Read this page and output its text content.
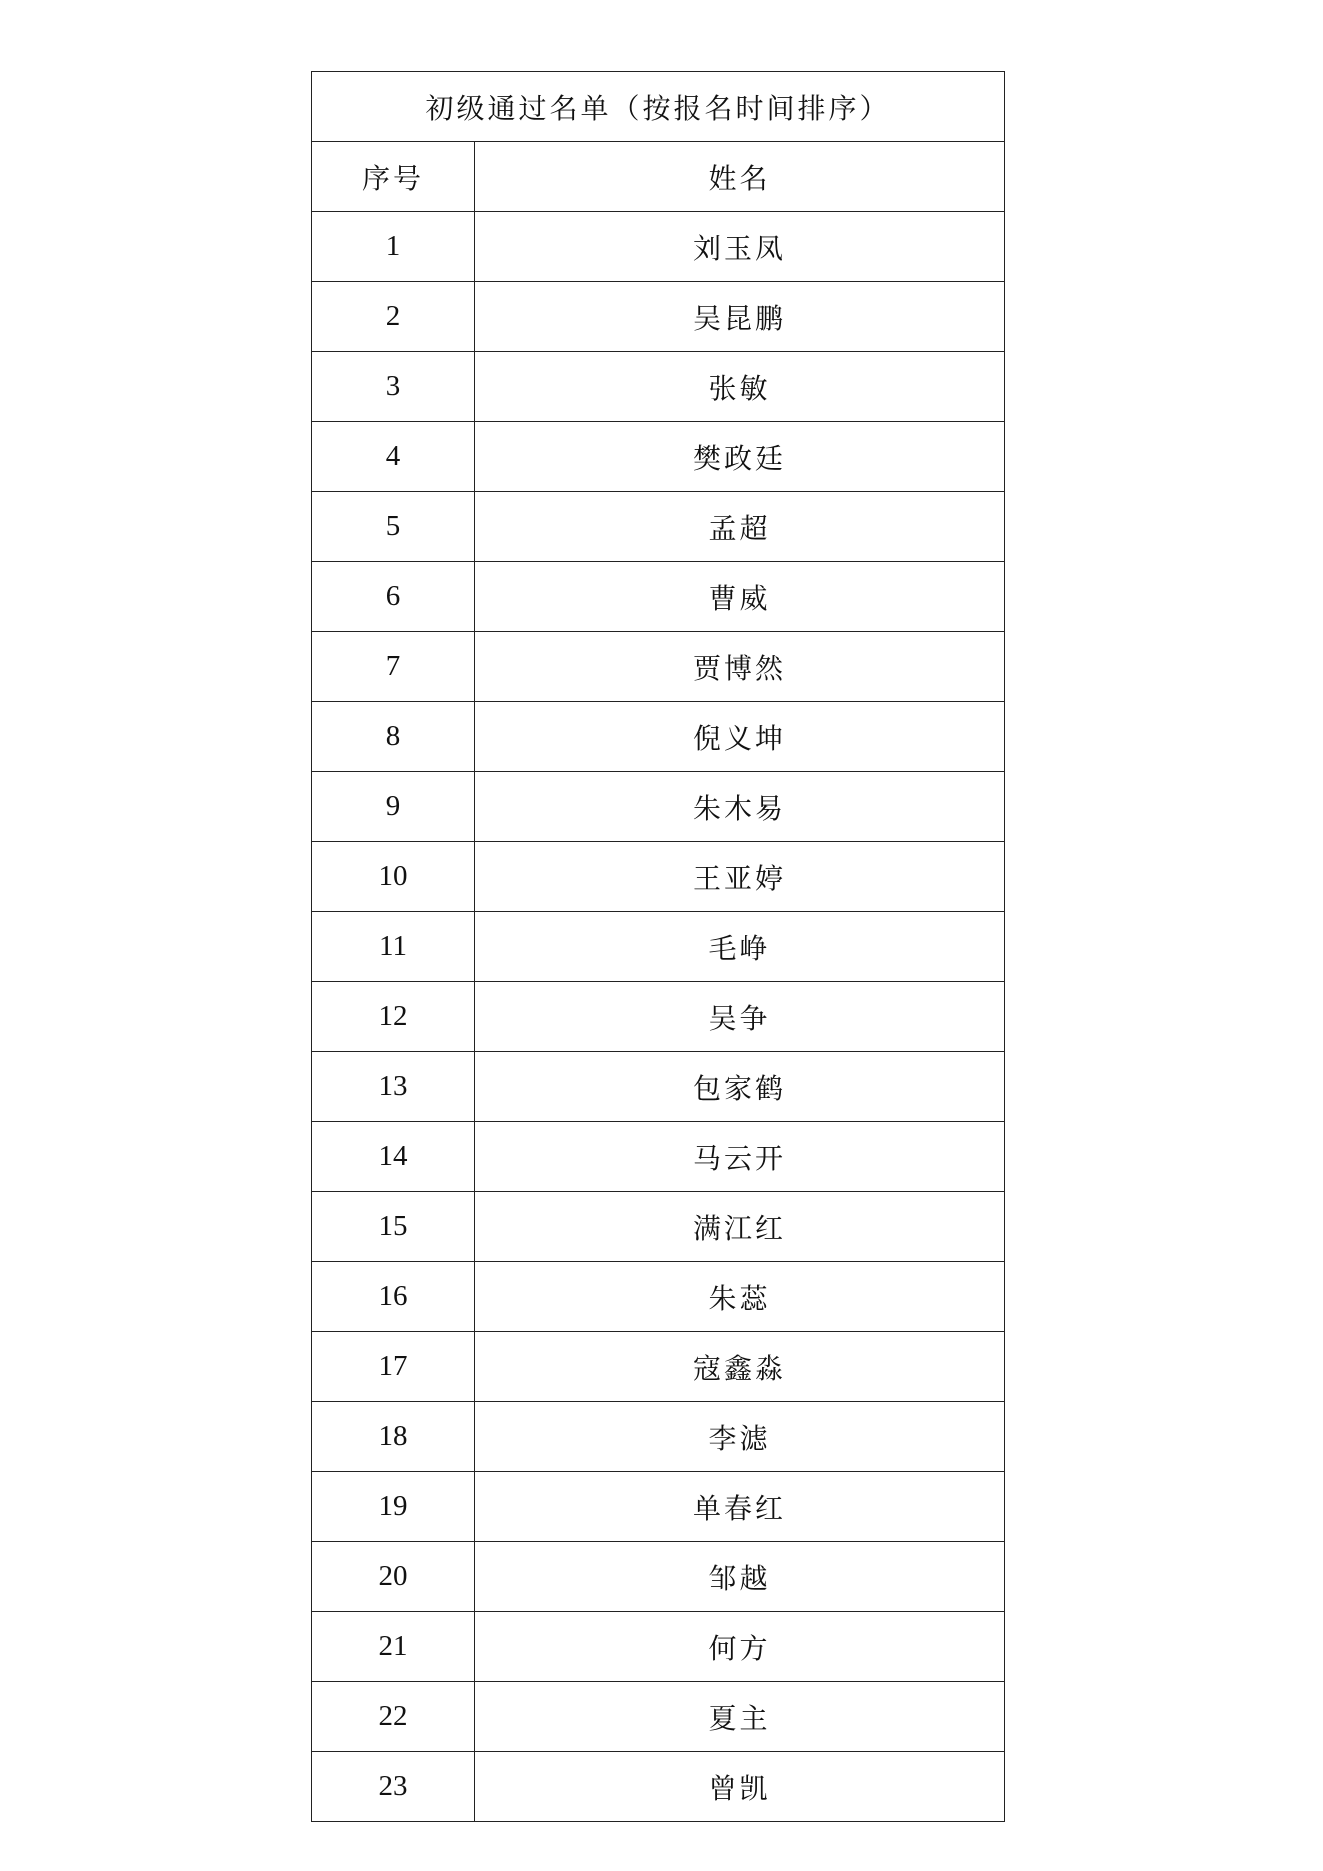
初级通过名单（按报名时间排序）	
序号	姓名
1	刘玉凤
2	吴昆鹏
3	张敏
4	樊政廷
5	孟超
6	曹威
7	贾博然
8	倪义坤
9	朱木易
10	王亚婷
11	毛峥
12	吴争
13	包家鹤
14	马云开
15	满江红
16	朱蕊
17	寇鑫淼
18	李滤
19	单春红
20	邹越
21	何方
22	夏主
23	曾凯
